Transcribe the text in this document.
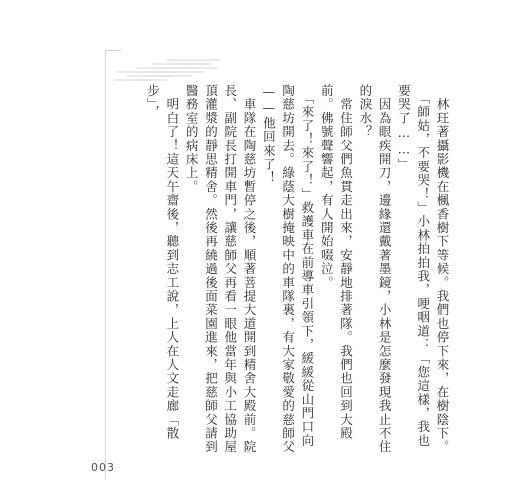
　林玨著攝影機在楓香樹下等候。我們也停下來，在樹陰下。

　「師姑，不要哭！」小林拍拍我，哽咽道：「您這樣，我也要哭了……」

　因為眼疾開刀，邊緣還戴著墨鏡，小林是怎麼發現我止不住的淚水？

　常住師父們魚貫走出來，安靜地排著隊。我們也回到大殿前。佛號聲響起，有人開始啜泣。

　「來了！來了！」救護車在前導車引領下，緩緩從山門口向陶慈坊開去。綠蔭大樹掩映中的車隊裏，有大家敬愛的慈師父——他回來了！

　車隊在陶慈坊暫停之後，順著菩提大道開到精舍大殿前。院長、副院長打開車門，讓慈師父再看一眼他當年與小工協助屋頂灌漿的靜思精舍。然後再繞過後面菜園進來，把慈師父請到醫務室的病床上。

　明白了！這天午齋後，聽到志工說，上人在人文走廊「散步」，

003
